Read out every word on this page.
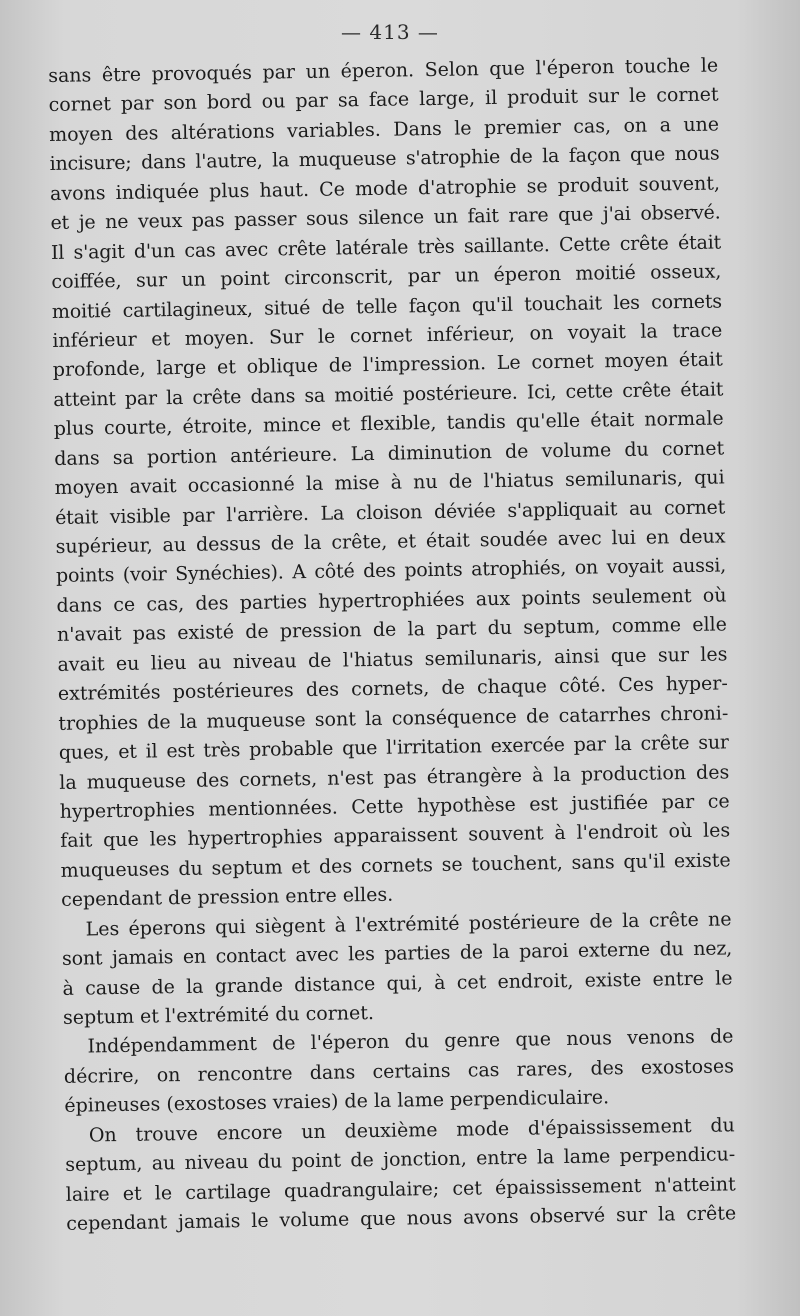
— 413 —
sans être provoqués par un éperon. Selon que l'éperon touche le
cornet par son bord ou par sa face large, il produit sur le cornet
moyen des altérations variables. Dans le premier cas, on a une
incisure; dans l'autre, la muqueuse s'atrophie de la façon que nous
avons indiquée plus haut. Ce mode d'atrophie se produit souvent,
et je ne veux pas passer sous silence un fait rare que j'ai observé.
Il s'agit d'un cas avec crête latérale très saillante. Cette crête était
coiffée, sur un point circonscrit, par un éperon moitié osseux,
moitié cartilagineux, situé de telle façon qu'il touchait les cornets
inférieur et moyen. Sur le cornet inférieur, on voyait la trace
profonde, large et oblique de l'impression. Le cornet moyen était
atteint par la crête dans sa moitié postérieure. Ici, cette crête était
plus courte, étroite, mince et flexible, tandis qu'elle était normale
dans sa portion antérieure. La diminution de volume du cornet
moyen avait occasionné la mise à nu de l'hiatus semilunaris, qui
était visible par l'arrière. La cloison déviée s'appliquait au cornet
supérieur, au dessus de la crête, et était soudée avec lui en deux
points (voir Synéchies). A côté des points atrophiés, on voyait aussi,
dans ce cas, des parties hypertrophiées aux points seulement où
n'avait pas existé de pression de la part du septum, comme elle
avait eu lieu au niveau de l'hiatus semilunaris, ainsi que sur les
extrémités postérieures des cornets, de chaque côté. Ces hyper-
trophies de la muqueuse sont la conséquence de catarrhes chroni-
ques, et il est très probable que l'irritation exercée par la crête sur
la muqueuse des cornets, n'est pas étrangère à la production des
hypertrophies mentionnées. Cette hypothèse est justifiée par ce
fait que les hypertrophies apparaissent souvent à l'endroit où les
muqueuses du septum et des cornets se touchent, sans qu'il existe
cependant de pression entre elles.
Les éperons qui siègent à l'extrémité postérieure de la crête ne
sont jamais en contact avec les parties de la paroi externe du nez,
à cause de la grande distance qui, à cet endroit, existe entre le
septum et l'extrémité du cornet.
Indépendamment de l'éperon du genre que nous venons de
décrire, on rencontre dans certains cas rares, des exostoses
épineuses (exostoses vraies) de la lame perpendiculaire.
On trouve encore un deuxième mode d'épaississement du
septum, au niveau du point de jonction, entre la lame perpendicu-
laire et le cartilage quadrangulaire; cet épaississement n'atteint
cependant jamais le volume que nous avons observé sur la crête
